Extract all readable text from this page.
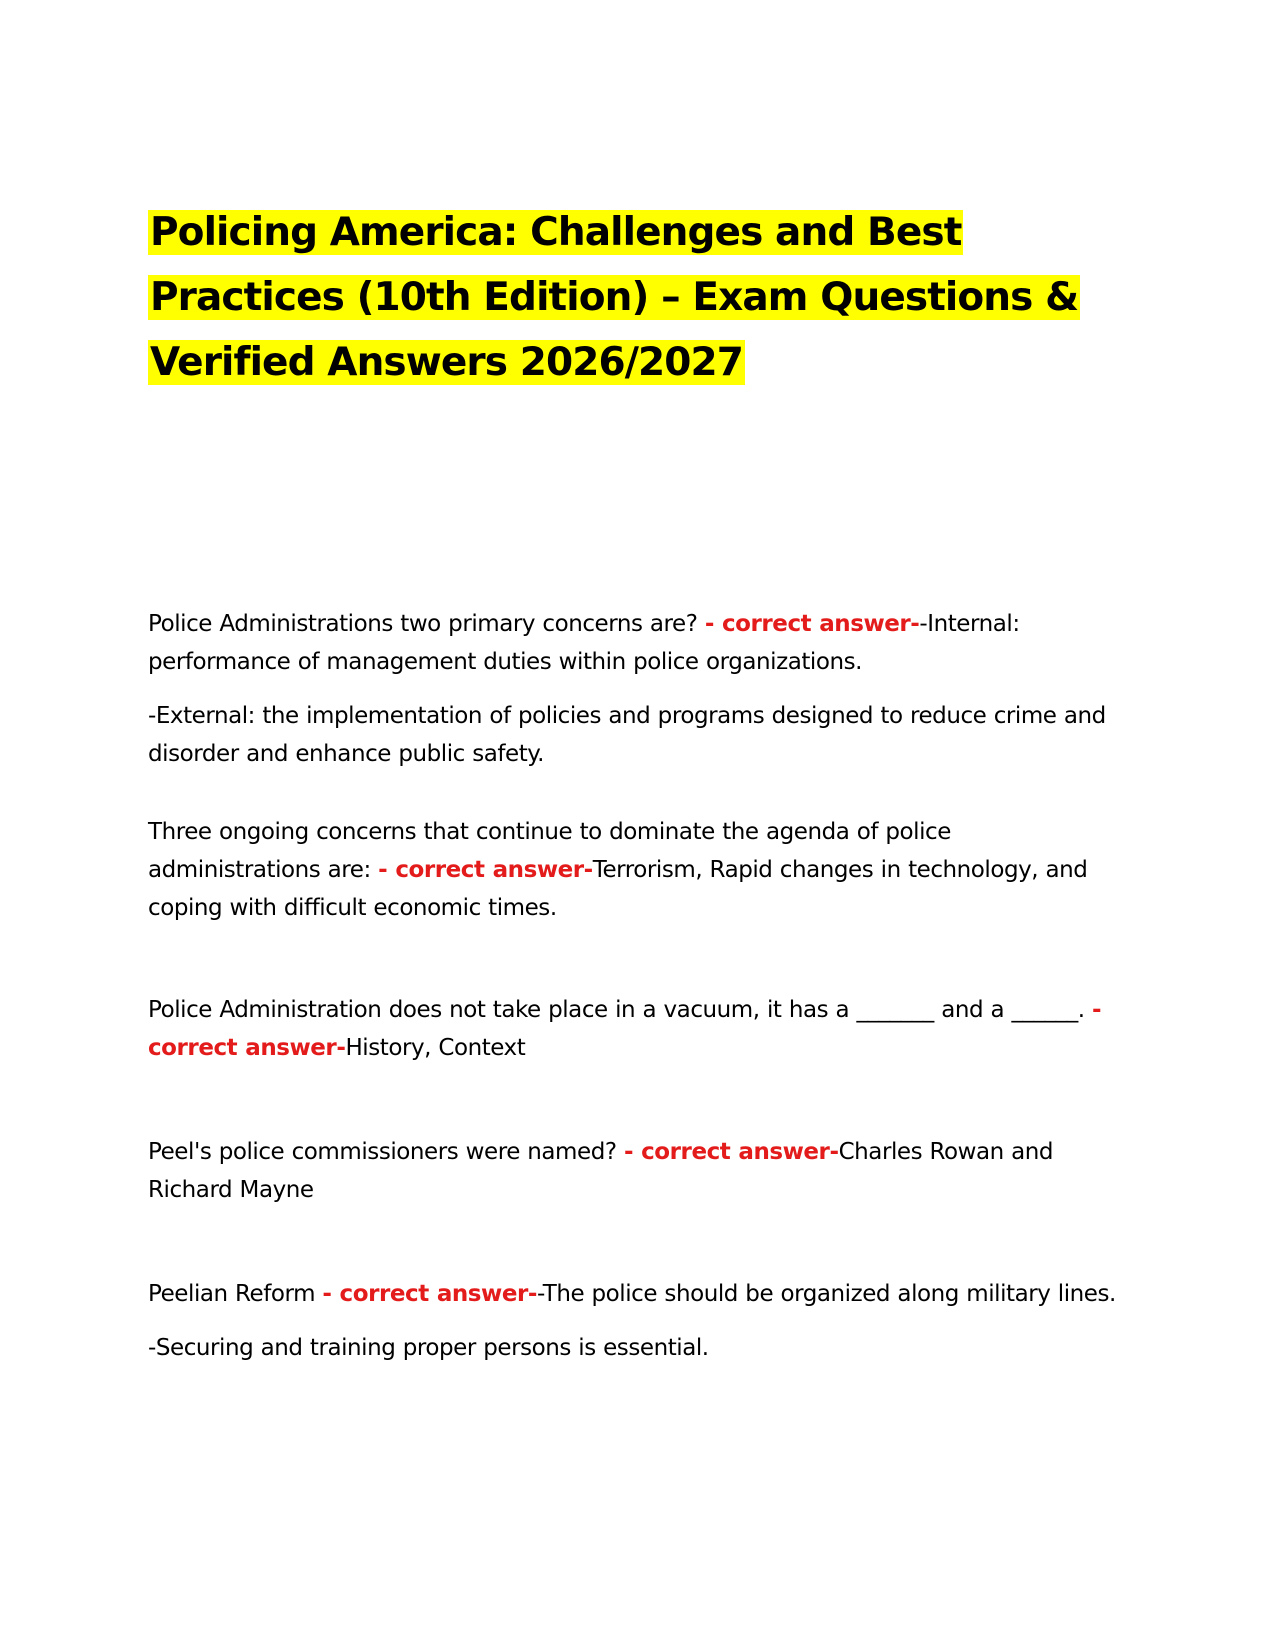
Policing America: Challenges and Best Practices (10th Edition) – Exam Questions & Verified Answers 2026/2027

Police Administrations two primary concerns are? - correct answer--Internal: performance of management duties within police organizations.

-External: the implementation of policies and programs designed to reduce crime and disorder and enhance public safety.

Three ongoing concerns that continue to dominate the agenda of police administrations are: - correct answer-Terrorism, Rapid changes in technology, and coping with difficult economic times.

Police Administration does not take place in a vacuum, it has a _______ and a ______. - correct answer-History, Context

Peel's police commissioners were named? - correct answer-Charles Rowan and Richard Mayne

Peelian Reform - correct answer--The police should be organized along military lines.

-Securing and training proper persons is essential.
